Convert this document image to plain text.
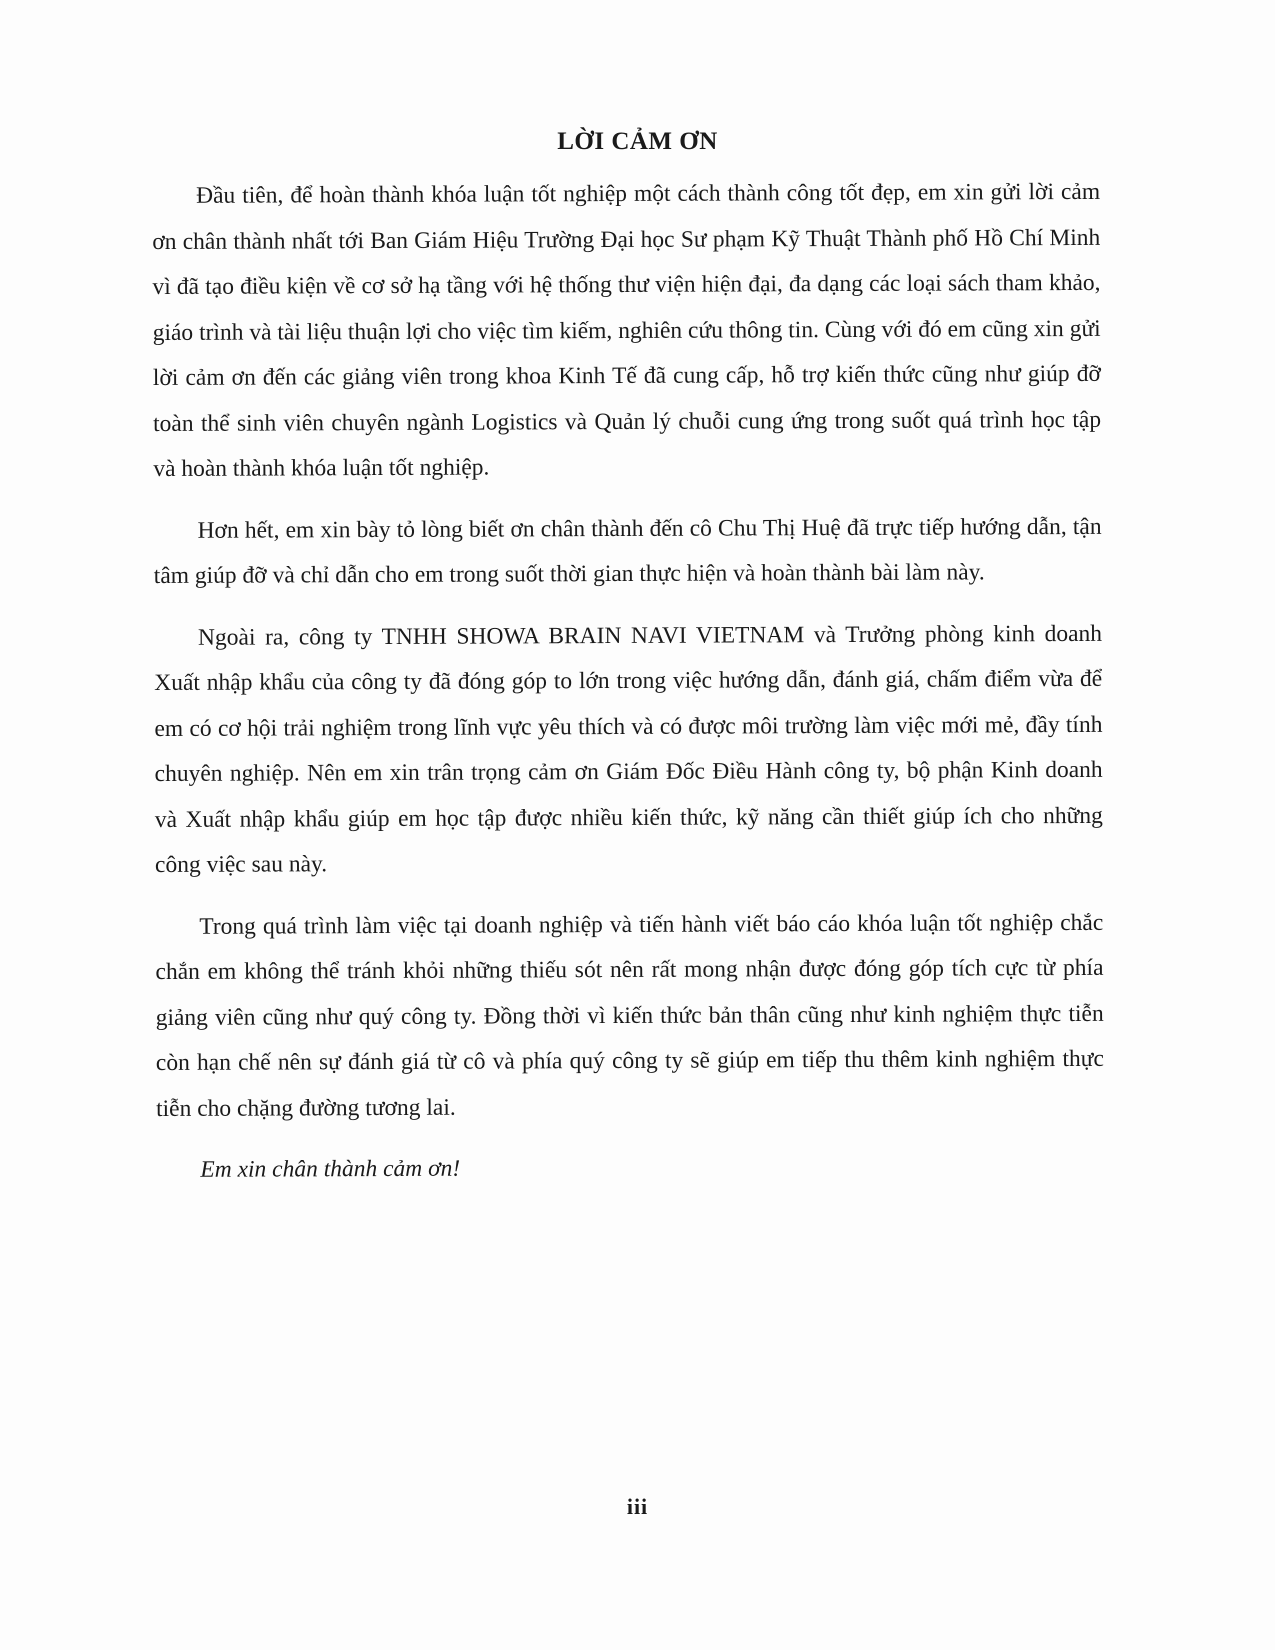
LỜI CẢM ƠN

Đầu tiên, để hoàn thành khóa luận tốt nghiệp một cách thành công tốt đẹp, em xin gửi lời cảm ơn chân thành nhất tới Ban Giám Hiệu Trường Đại học Sư phạm Kỹ Thuật Thành phố Hồ Chí Minh vì đã tạo điều kiện về cơ sở hạ tầng với hệ thống thư viện hiện đại, đa dạng các loại sách tham khảo, giáo trình và tài liệu thuận lợi cho việc tìm kiếm, nghiên cứu thông tin. Cùng với đó em cũng xin gửi lời cảm ơn đến các giảng viên trong khoa Kinh Tế đã cung cấp, hỗ trợ kiến thức cũng như giúp đỡ toàn thể sinh viên chuyên ngành Logistics và Quản lý chuỗi cung ứng trong suốt quá trình học tập và hoàn thành khóa luận tốt nghiệp.

Hơn hết, em xin bày tỏ lòng biết ơn chân thành đến cô Chu Thị Huệ đã trực tiếp hướng dẫn, tận tâm giúp đỡ và chỉ dẫn cho em trong suốt thời gian thực hiện và hoàn thành bài làm này.

Ngoài ra, công ty TNHH SHOWA BRAIN NAVI VIETNAM và Trưởng phòng kinh doanh Xuất nhập khẩu của công ty đã đóng góp to lớn trong việc hướng dẫn, đánh giá, chấm điểm vừa để em có cơ hội trải nghiệm trong lĩnh vực yêu thích và có được môi trường làm việc mới mẻ, đầy tính chuyên nghiệp. Nên em xin trân trọng cảm ơn Giám Đốc Điều Hành công ty, bộ phận Kinh doanh và Xuất nhập khẩu giúp em học tập được nhiều kiến thức, kỹ năng cần thiết giúp ích cho những công việc sau này.

Trong quá trình làm việc tại doanh nghiệp và tiến hành viết báo cáo khóa luận tốt nghiệp chắc chắn em không thể tránh khỏi những thiếu sót nên rất mong nhận được đóng góp tích cực từ phía giảng viên cũng như quý công ty. Đồng thời vì kiến thức bản thân cũng như kinh nghiệm thực tiễn còn hạn chế nên sự đánh giá từ cô và phía quý công ty sẽ giúp em tiếp thu thêm kinh nghiệm thực tiễn cho chặng đường tương lai.

Em xin chân thành cảm ơn!

iii
